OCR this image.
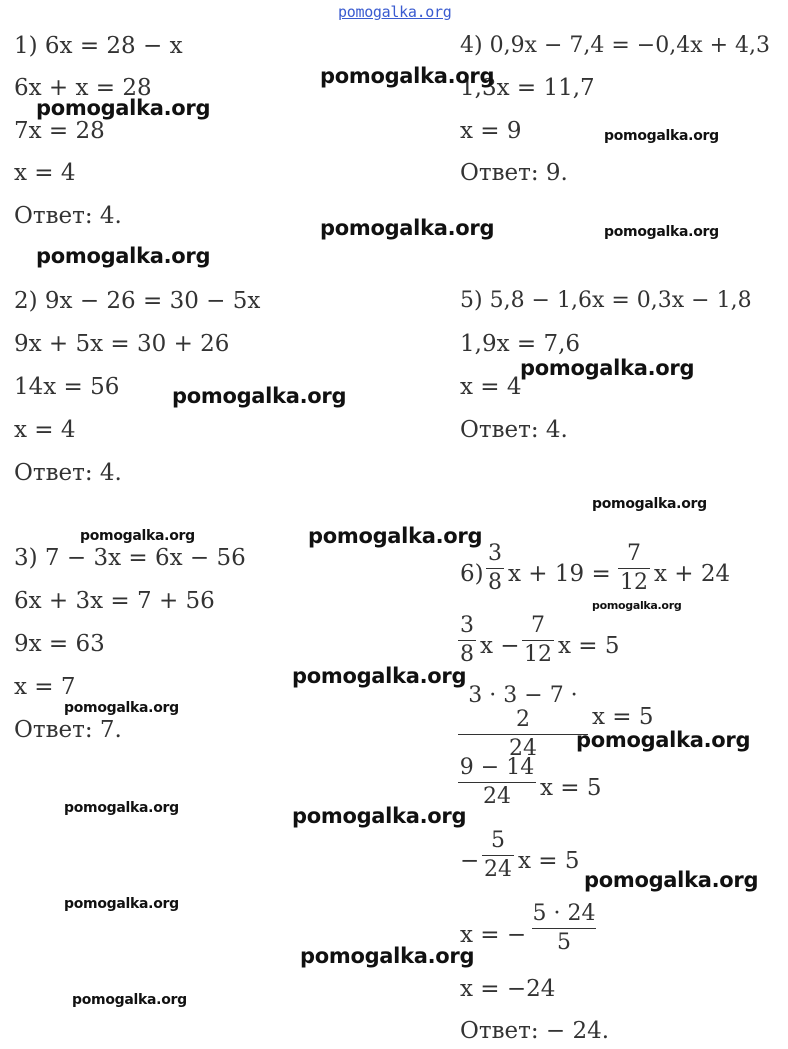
pomogalka.org
1) 6x = 28 − x
6x + x = 28
7x = 28
x = 4
Ответ: 4.
2) 9x − 26 = 30 − 5x
9x + 5x = 30 + 26
14x = 56
x = 4
Ответ: 4.
3) 7 − 3x = 6x − 56
6x + 3x = 7 + 56
9x = 63
x = 7
Ответ: 7.
4) 0,9x − 7,4 = −0,4x + 4,3
1,3x = 11,7
x = 9
Ответ: 9.
5) 5,8 − 1,6x = 0,3x − 1,8
1,9x = 7,6
x = 4
Ответ: 4.
6)
3
8 x + 19 =
7
12 x + 24
3
8 x −
7
12 x = 5
3 · 3 − 7 · 2
24
x = 5
9 − 14
24	x = 5
−
5
24 x = 5
x = −
5 · 24
5
x = −24
Ответ: − 24.
pomogalka.org
pomogalka.org
pomogalka.org
pomogalka.org	pomogalka.org
pomogalka.org
pomogalka.org
pomogalka.org
pomogalka.org
pomogalka.org	pomogalka.org
pomogalka.org
pomogalka.org
pomogalka.org
pomogalka.org
pomogalka.org	pomogalka.org
pomogalka.org
pomogalka.org
pomogalka.org
pomogalka.org
